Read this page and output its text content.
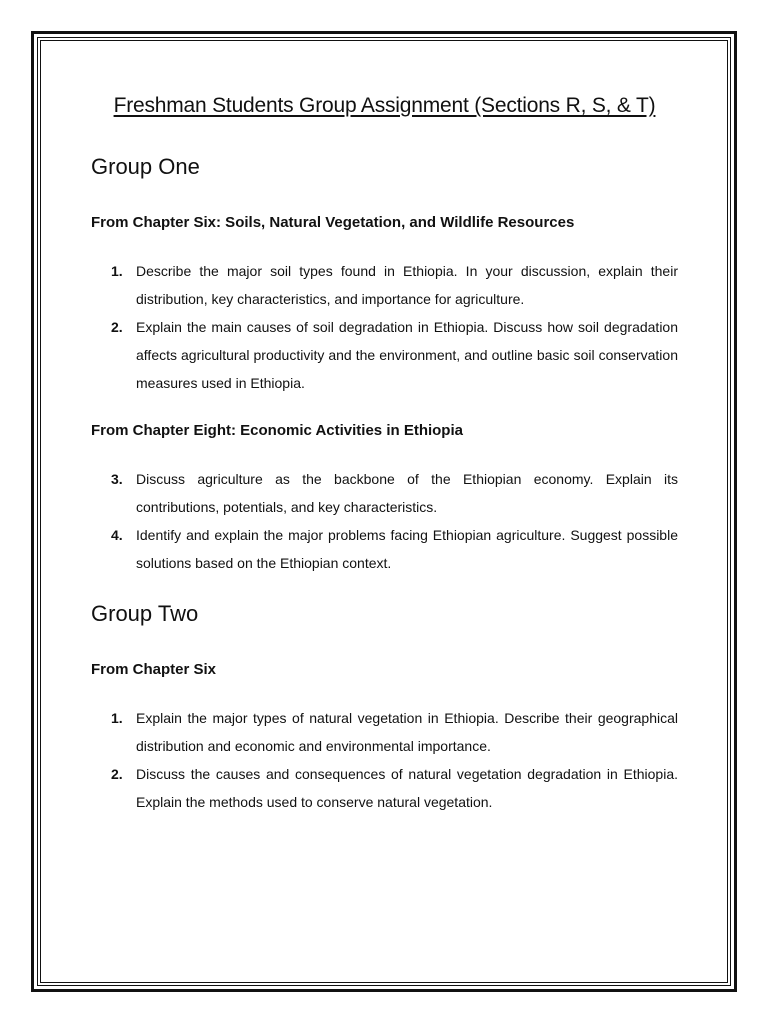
Freshman Students Group Assignment (Sections R, S, & T)
Group One
From Chapter Six: Soils, Natural Vegetation, and Wildlife Resources
1. Describe the major soil types found in Ethiopia. In your discussion, explain their distribution, key characteristics, and importance for agriculture.
2. Explain the main causes of soil degradation in Ethiopia. Discuss how soil degradation affects agricultural productivity and the environment, and outline basic soil conservation measures used in Ethiopia.
From Chapter Eight: Economic Activities in Ethiopia
3. Discuss agriculture as the backbone of the Ethiopian economy. Explain its contributions, potentials, and key characteristics.
4. Identify and explain the major problems facing Ethiopian agriculture. Suggest possible solutions based on the Ethiopian context.
Group Two
From Chapter Six
1. Explain the major types of natural vegetation in Ethiopia. Describe their geographical distribution and economic and environmental importance.
2. Discuss the causes and consequences of natural vegetation degradation in Ethiopia. Explain the methods used to conserve natural vegetation.
